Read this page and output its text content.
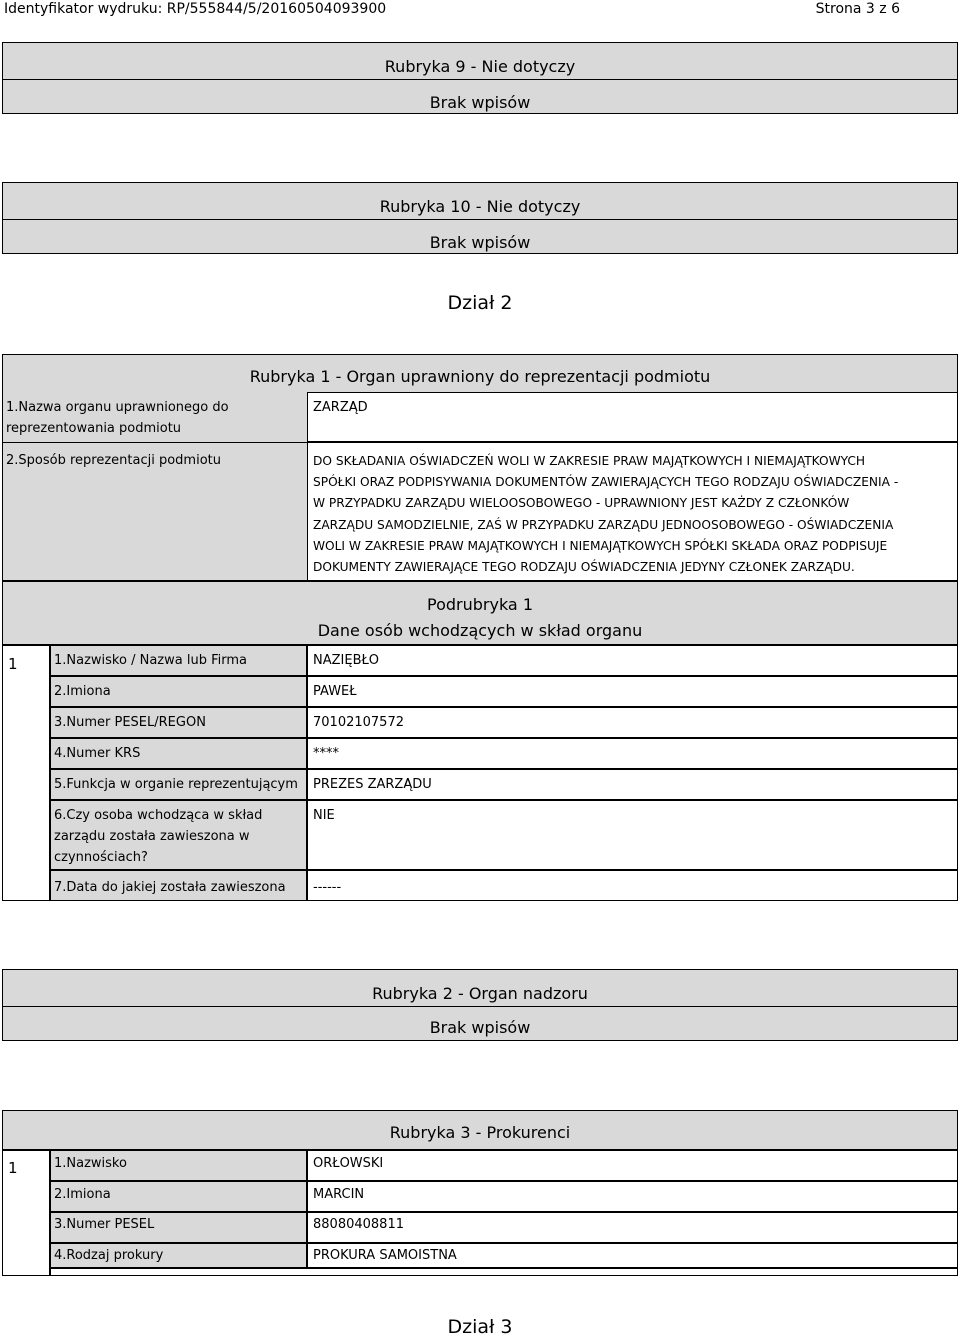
Identyfikator wydruku: RP/555844/5/20160504093900	Strona 3 z 6
Rubryka 9 - Nie dotyczy
Brak wpisów
Rubryka 10 - Nie dotyczy
Brak wpisów
Dział 2
Rubryka 1 - Organ uprawniony do reprezentacji podmiotu
1.Nazwa organu uprawnionego do reprezentowania podmiotu
ZARZĄD
2.Sposób reprezentacji podmiotu	DO SKŁADANIA OŚWIADCZEŃ WOLI W ZAKRESIE PRAW MAJĄTKOWYCH I NIEMAJĄTKOWYCH
SPÓŁKI ORAZ PODPISYWANIA DOKUMENTÓW ZAWIERAJĄCYCH TEGO RODZAJU OŚWIADCZENIA -
W PRZYPADKU ZARZĄDU WIELOOSOBOWEGO - UPRAWNIONY JEST KAŻDY Z CZŁONKÓW
ZARZĄDU SAMODZIELNIE, ZAŚ W PRZYPADKU ZARZĄDU JEDNOOSOBOWEGO - OŚWIADCZENIA
WOLI W ZAKRESIE PRAW MAJĄTKOWYCH I NIEMAJĄTKOWYCH SPÓŁKI SKŁADA ORAZ PODPISUJE
DOKUMENTY ZAWIERAJĄCE TEGO RODZAJU OŚWIADCZENIA JEDYNY CZŁONEK ZARZĄDU.
Podrubryka 1
Dane osób wchodzących w skład organu
1	1.Nazwisko / Nazwa lub Firma	NAZIĘBŁO
2.Imiona	PAWEŁ
3.Numer PESEL/REGON	70102107572
4.Numer KRS	****
5.Funkcja w organie reprezentującym PREZES ZARZĄDU
6.Czy osoba wchodząca w skład
zarządu została zawieszona w
czynnościach?
NIE
7.Data do jakiej została zawieszona ------
Rubryka 2 - Organ nadzoru
Brak wpisów
Rubryka 3 - Prokurenci
1	1.Nazwisko	ORŁOWSKI
2.Imiona	MARCIN
3.Numer PESEL	88080408811
4.Rodzaj prokury	PROKURA SAMOISTNA
Dział 3
